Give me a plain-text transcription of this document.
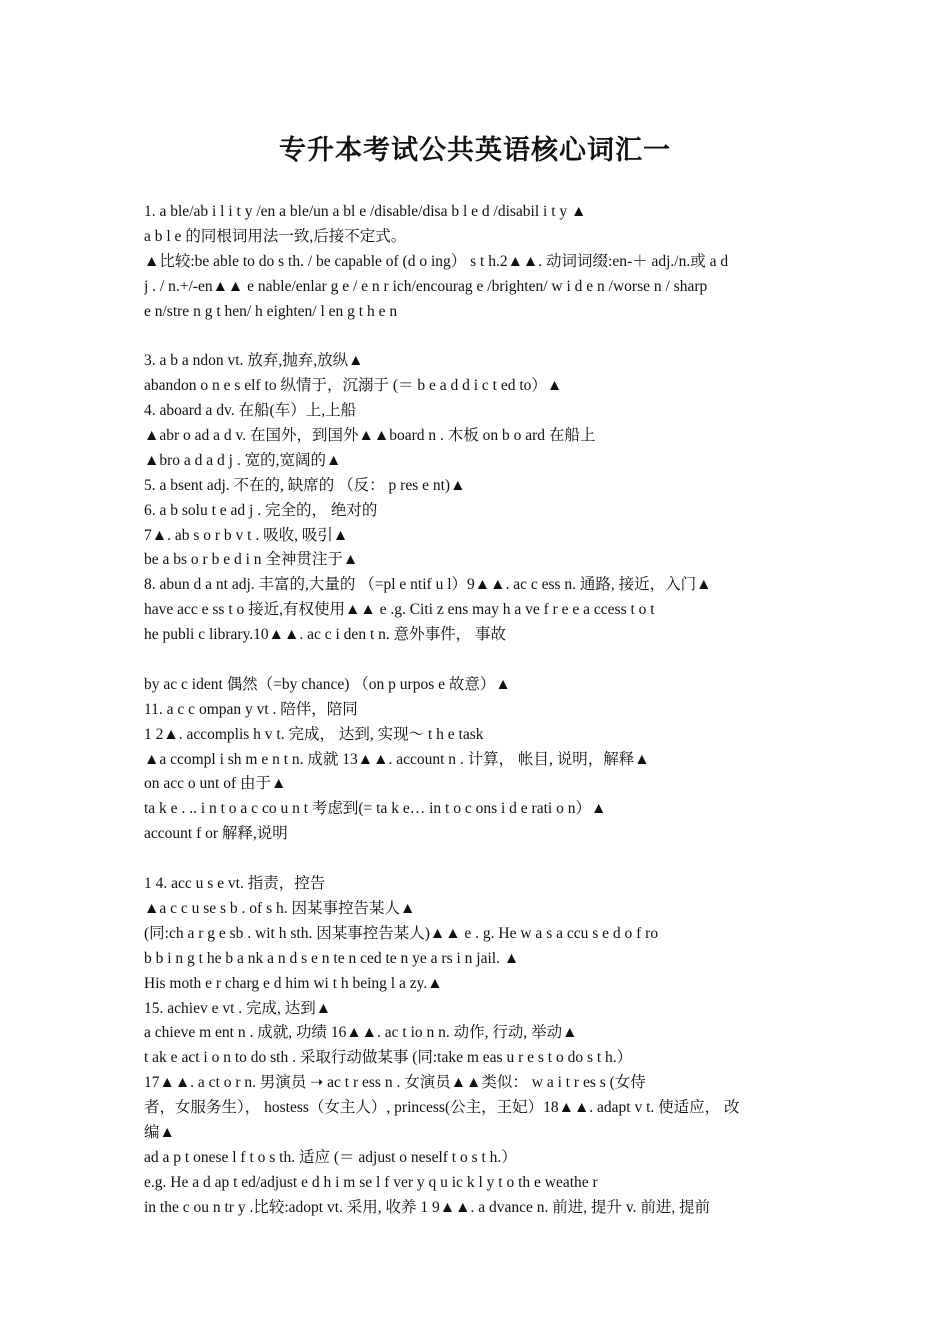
专升本考试公共英语核心词汇一
1. a ble/ab i l i t y /en a ble/un a bl e /disable/disa b l e d /disabil i t y ▲
a b l e 的同根词用法一致,后接不定式。
▲比较:be able to do s th. / be capable of (d o ing） s t h.2▲▲. 动词词缀:en-＋ adj./n.或 a d
j . / n.+/-en▲▲ e nable/enlar g e / e n r ich/encourag e /brighten/ w i d e n /worse n / sharp
e n/stre n g t hen/ h eighten/ l en g t h e n
3. a b a ndon vt. 放弃,抛弃,放纵▲
abandon o n e s elf to 纵情于，沉溺于 (＝ b e a d d i c t ed to）▲
4. aboard a dv. 在船(车）上,上船
▲abr o ad a d v. 在国外，到国外▲▲board n . 木板 on b o ard 在船上
▲bro a d a d j . 宽的,宽阔的▲
5. a bsent adj. 不在的, 缺席的 （反： p res e nt)▲
6. a b solu t e ad j . 完全的， 绝对的
7▲. ab s o r b v t . 吸收, 吸引▲
be a bs o r b e d i n 全神贯注于▲
8. abun d a nt adj. 丰富的,大量的 （=pl e ntif u l）9▲▲. ac c ess n. 通路, 接近，入门▲
have acc e ss t o 接近,有权使用▲▲ e .g. Citi z ens may h a ve f r e e a ccess t o t
he publi c library.10▲▲. ac c i den t n. 意外事件， 事故
by ac c ident 偶然（=by chance) （on p urpos e 故意）▲
11. a c c ompan y vt . 陪伴，陪同
1 2▲. accomplis h v t. 完成， 达到, 实现～ t h e task
▲a ccompl i sh m e n t n. 成就 13▲▲. account n . 计算， 帐目, 说明，解释▲
on acc o unt of 由于▲
ta k e . .. i n t o a c co u n t 考虑到(= ta k e… in t o c ons i d e rati o n）▲
account f or 解释,说明
1 4. acc u s e vt. 指责，控告
▲a c c u se s b . of s h. 因某事控告某人▲
(同:ch a r g e sb . wit h sth. 因某事控告某人)▲▲ e . g. He w a s a ccu s e d o f ro
b b i n g t he b a nk a n d s e n te n ced te n ye a rs i n jail. ▲
His moth e r charg e d him wi t h being l a zy.▲
15. achiev e vt . 完成, 达到▲
a chieve m ent n . 成就, 功绩 16▲▲. ac t io n n. 动作, 行动, 举动▲
t ak e act i o n to do sth . 采取行动做某事 (同:take m eas u r e s t o do s t h.）
17▲▲. a ct o r n. 男演员 ➝ ac t r ess n . 女演员▲▲类似： w a i t r es s (女侍
者，女服务生）， hostess（女主人）, princess(公主，王妃）18▲▲. adapt v t. 使适应， 改
编▲
ad a p t onese l f t o s th. 适应 (＝ adjust o neself t o s t h.）
e.g. He a d ap t ed/adjust e d h i m se l f ver y q u ic k l y t o th e weathe r
in the c ou n tr y .比较:adopt vt. 采用, 收养 1 9▲▲. a dvance n. 前进, 提升 v. 前进, 提前
